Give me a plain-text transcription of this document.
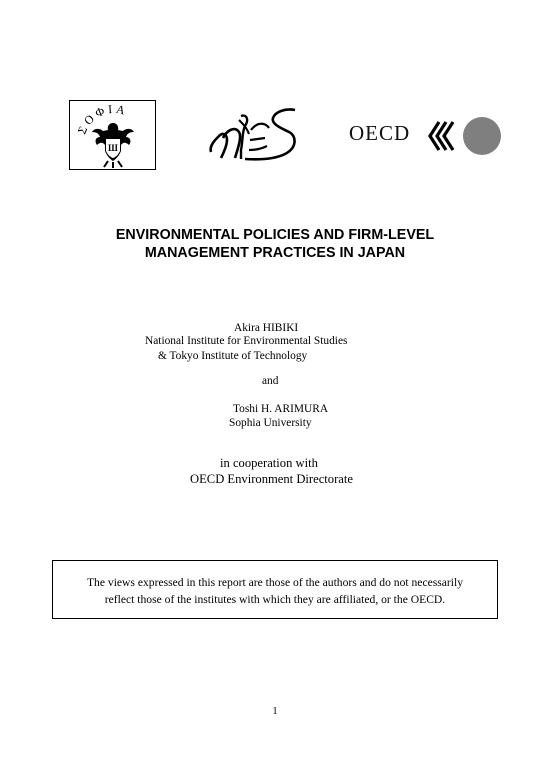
ΣΟΦΙΑ
Ш
OECD
ENVIRONMENTAL POLICIES AND FIRM-LEVEL
MANAGEMENT PRACTICES IN JAPAN
Akira HIBIKI
National Institute for Environmental Studies
& Tokyo Institute of Technology
and
Toshi H. ARIMURA
Sophia University
in cooperation with
OECD Environment Directorate
The views expressed in this report are those of the authors and do not necessarily
reflect those of the institutes with which they are affiliated, or the OECD.
1
